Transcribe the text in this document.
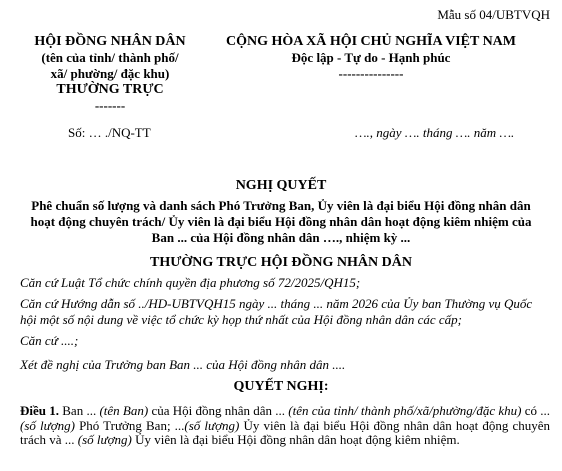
Mẫu số 04/UBTVQH
HỘI ĐỒNG NHÂN DÂN
(tên của tỉnh/ thành phố/
xã/ phường/ đặc khu)
THƯỜNG TRỰC
-------
CỘNG HÒA XÃ HỘI CHỦ NGHĨA VIỆT NAM
Độc lập - Tự do - Hạnh phúc
---------------
Số: … ./NQ-TT	…., ngày …. tháng …. năm ….
NGHỊ QUYẾT
Phê chuẩn số lượng và danh sách Phó Trưởng Ban, Ủy viên là đại biểu Hội đồng nhân dân hoạt động chuyên trách/ Ủy viên là đại biểu Hội đồng nhân dân hoạt động kiêm nhiệm của Ban ... của Hội đồng nhân dân …., nhiệm kỳ ...
THƯỜNG TRỰC HỘI ĐỒNG NHÂN DÂN
Căn cứ Luật Tổ chức chính quyền địa phương số 72/2025/QH15;
Căn cứ Hướng dẫn số ../HD-UBTVQH15 ngày ... tháng ... năm 2026 của Ủy ban Thường vụ Quốc hội một số nội dung về việc tổ chức kỳ họp thứ nhất của Hội đồng nhân dân các cấp;
Căn cứ ....;
Xét đề nghị của Trưởng ban Ban ... của Hội đồng nhân dân ....
QUYẾT NGHỊ:
Điều 1. Ban ... (tên Ban) của Hội đồng nhân dân ... (tên của tỉnh/ thành phố/xã/phường/đặc khu) có ... (số lượng) Phó Trưởng Ban; ...(số lượng) Ủy viên là đại biểu Hội đồng nhân dân hoạt động chuyên trách và ... (số lượng) Ủy viên là đại biểu Hội đồng nhân dân hoạt động kiêm nhiệm.
